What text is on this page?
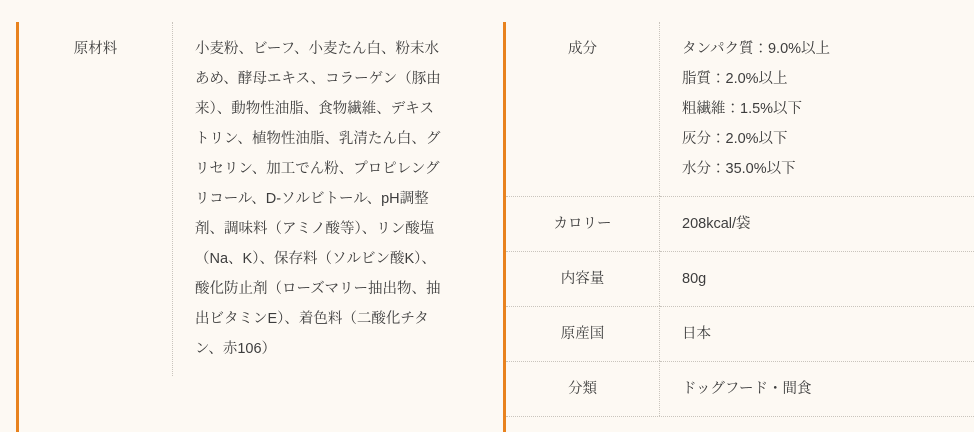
原材料	小麦粉、ビーフ、小麦たん白、粉末水あめ、酵母エキス、コラーゲン（豚由来）、動物性油脂、食物繊維、デキストリン、植物性油脂、乳清たん白、グリセリン、加工でん粉、プロピレングリコール、D-ソルビトール、pH調整剤、調味料（アミノ酸等）、リン酸塩（Na、K）、保存料（ソルビン酸K）、酸化防止剤（ローズマリー抽出物、抽出ビタミンE）、着色料（二酸化チタン、赤106）
成分	タンパク質：9.0%以上
脂質：2.0%以上
粗繊維：1.5%以下
灰分：2.0%以下
水分：35.0%以下
カロリー	208kcal/袋
内容量	80g
原産国	日本
分類	ドッグフード・間食
